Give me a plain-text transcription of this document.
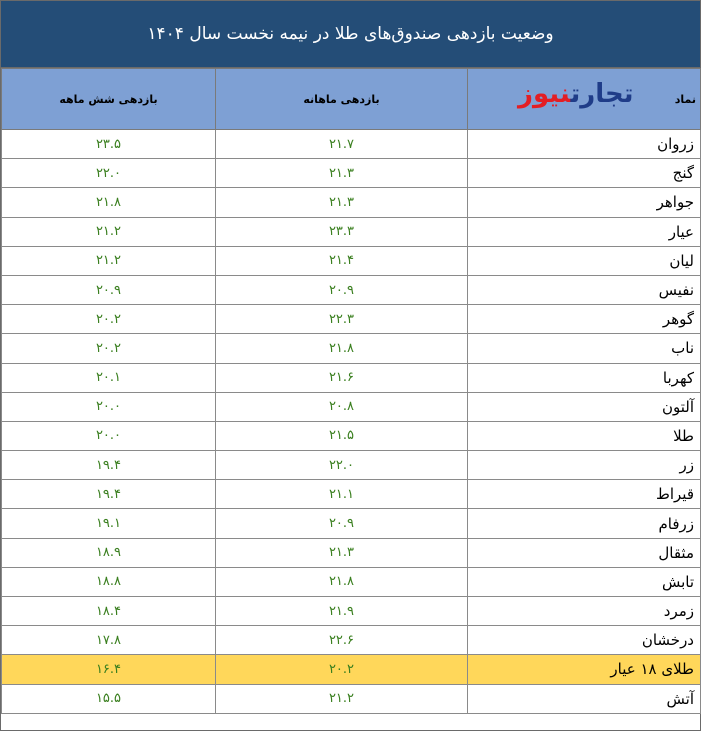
وضعیت بازدهی صندوق‌های طلا در نیمه نخست سال ۱۴۰۴
نماد
تجارتنیوز	بازدهی ماهانه	بازدهی شش ماهه
زروان	۲۱.۷	۲۳.۵
گنج	۲۱.۳	۲۲.۰
جواهر	۲۱.۳	۲۱.۸
عیار	۲۳.۳	۲۱.۲
لیان	۲۱.۴	۲۱.۲
نفیس	۲۰.۹	۲۰.۹
گوهر	۲۲.۳	۲۰.۲
ناب	۲۱.۸	۲۰.۲
کهربا	۲۱.۶	۲۰.۱
آلتون	۲۰.۸	۲۰.۰
طلا	۲۱.۵	۲۰.۰
زر	۲۲.۰	۱۹.۴
قیراط	۲۱.۱	۱۹.۴
زرفام	۲۰.۹	۱۹.۱
مثقال	۲۱.۳	۱۸.۹
تابش	۲۱.۸	۱۸.۸
زمرد	۲۱.۹	۱۸.۴
درخشان	۲۲.۶	۱۷.۸
طلای ۱۸ عیار	۲۰.۲	۱۶.۴
آتش	۲۱.۲	۱۵.۵
